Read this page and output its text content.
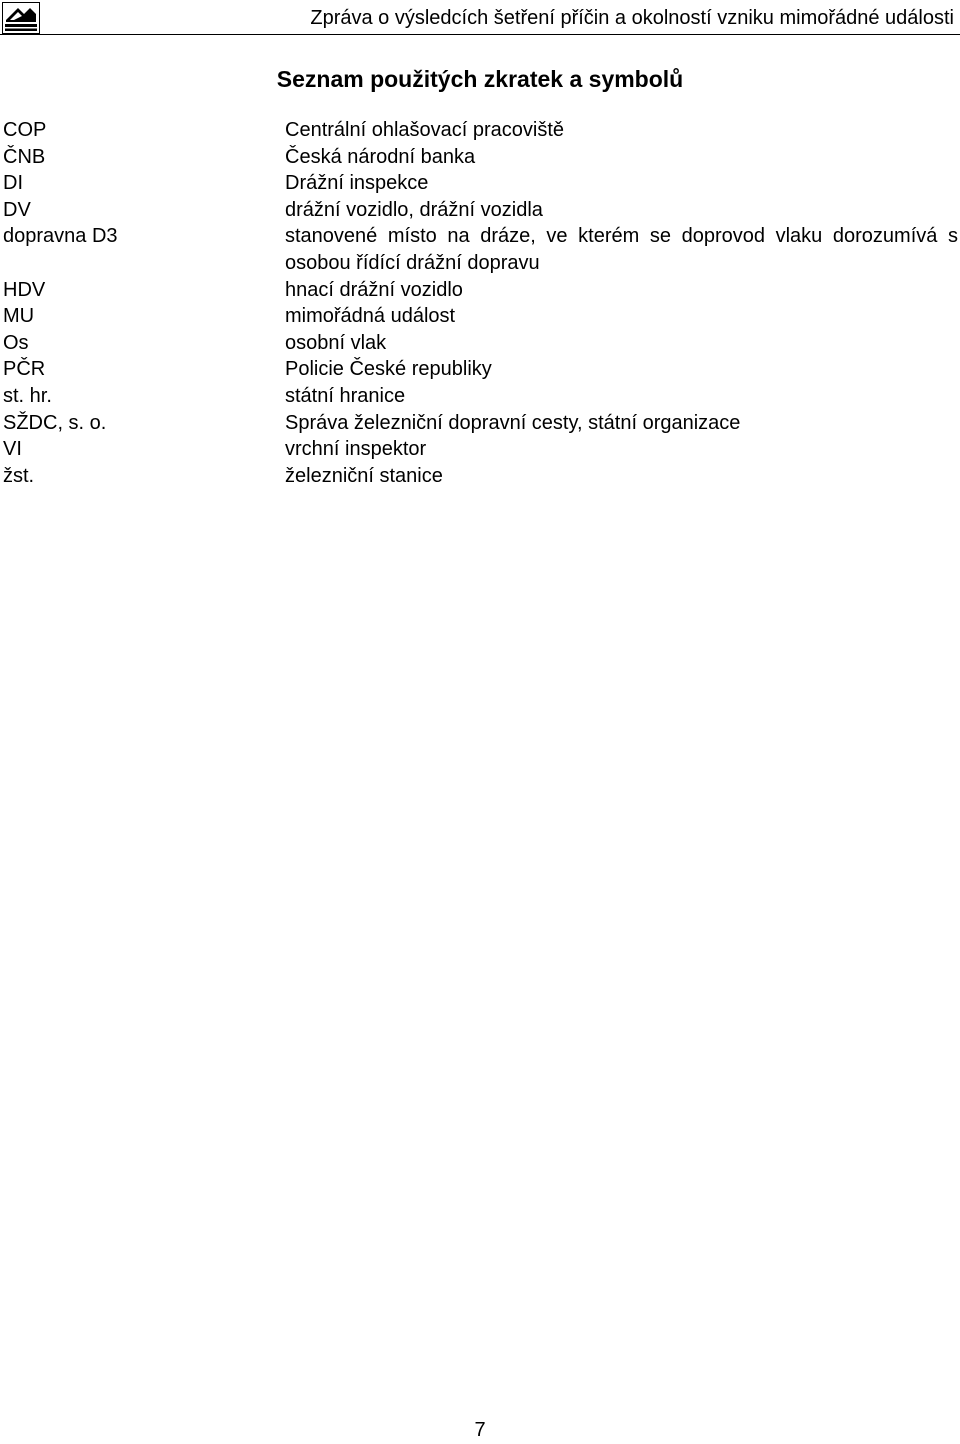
Zpráva o výsledcích šetření příčin a okolností vzniku mimořádné události
Seznam použitých zkratek a symbolů
COP	Centrální ohlašovací pracoviště
ČNB	Česká národní banka
DI	Drážní inspekce
DV	drážní vozidlo, drážní vozidla
dopravna D3	stanovené místo na dráze, ve kterém se doprovod vlaku dorozumívá s osobou řídící drážní dopravu
HDV	hnací drážní vozidlo
MU	mimořádná událost
Os	osobní vlak
PČR	Policie České republiky
st. hr.	státní hranice
SŽDC, s. o.	Správa železniční dopravní cesty, státní organizace
VI	vrchní inspektor
žst.	železniční stanice
7
